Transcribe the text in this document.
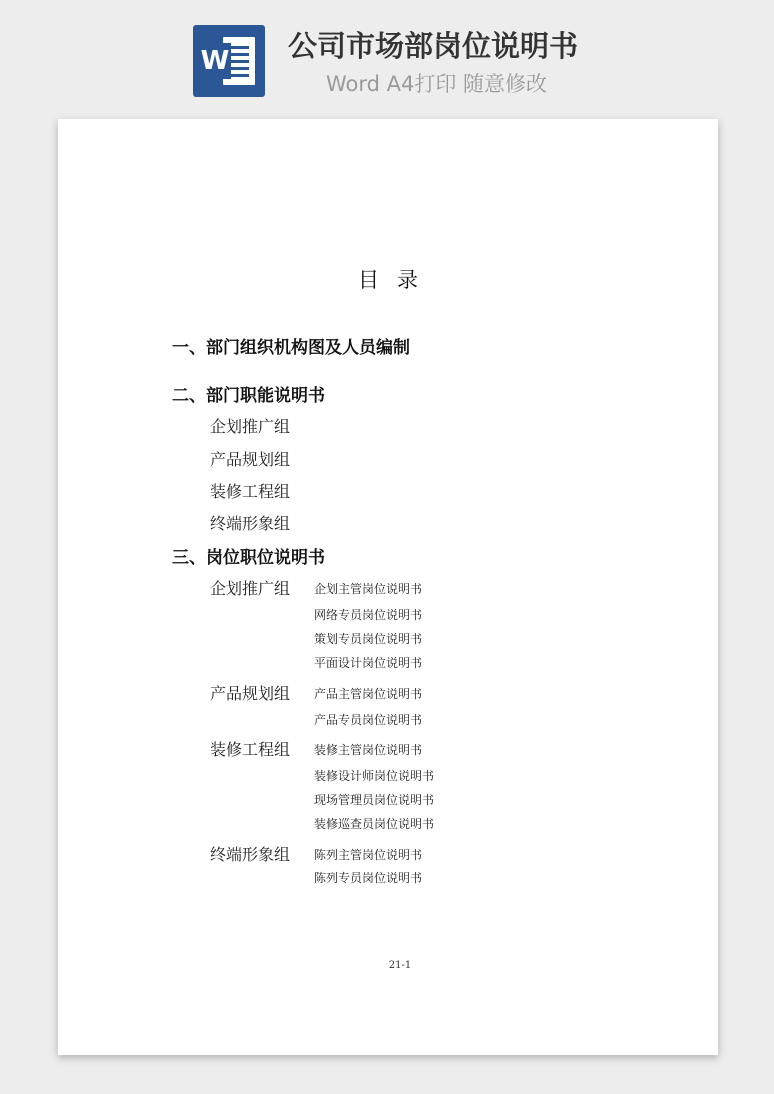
W 公司市场部岗位说明书
Word A4打印 随意修改
目录
一、部门组织机构图及人员编制
二、部门职能说明书
企划推广组
产品规划组
装修工程组
终端形象组
三、岗位职位说明书
企划推广组 企划主管岗位说明书
网络专员岗位说明书
策划专员岗位说明书
平面设计岗位说明书
产品规划组 产品主管岗位说明书
产品专员岗位说明书
装修工程组 装修主管岗位说明书
装修设计师岗位说明书
现场管理员岗位说明书
装修巡查员岗位说明书
终端形象组 陈列主管岗位说明书
陈列专员岗位说明书
21-1
